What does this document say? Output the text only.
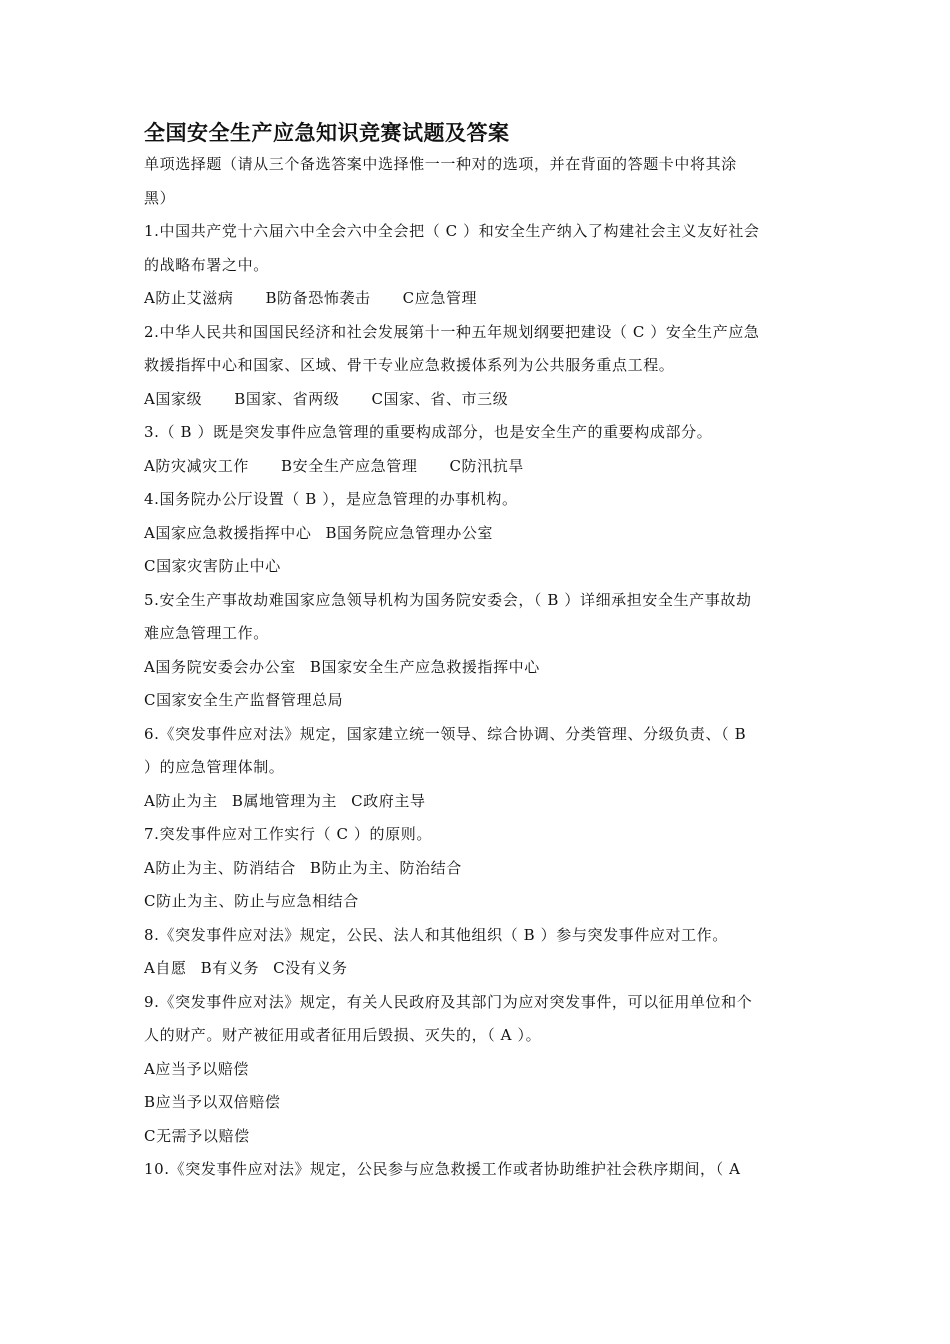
全国安全生产应急知识竞赛试题及答案
单项选择题（请从三个备选答案中选择惟一一种对的选项，并在背面的答题卡中将其涂
黑）
1.中国共产党十六届六中全会六中全会把（ C ）和安全生产纳入了构建社会主义友好社会
的战略布署之中。
A防止艾滋病 B防备恐怖袭击 C应急管理
2.中华人民共和国国民经济和社会发展第十一种五年规划纲要把建设（ C ）安全生产应急
救援指挥中心和国家、区域、骨干专业应急救援体系列为公共服务重点工程。
A国家级 B国家、省两级 C国家、省、市三级
3.（ B ）既是突发事件应急管理的重要构成部分，也是安全生产的重要构成部分。
A防灾减灾工作 B安全生产应急管理 C防汛抗旱
4.国务院办公厅设置（ B ），是应急管理的办事机构。
A国家应急救援指挥中心 B国务院应急管理办公室
C国家灾害防止中心
5.安全生产事故劫难国家应急领导机构为国务院安委会，（ B ）详细承担安全生产事故劫
难应急管理工作。
A国务院安委会办公室 B国家安全生产应急救援指挥中心
C国家安全生产监督管理总局
6.《突发事件应对法》规定，国家建立统一领导、综合协调、分类管理、分级负责、（ B
）的应急管理体制。
A防止为主 B属地管理为主 C政府主导
7.突发事件应对工作实行（ C ）的原则。
A防止为主、防消结合 B防止为主、防治结合
C防止为主、防止与应急相结合
8.《突发事件应对法》规定，公民、法人和其他组织（ B ）参与突发事件应对工作。
A自愿 B有义务 C没有义务
9.《突发事件应对法》规定，有关人民政府及其部门为应对突发事件，可以征用单位和个
人的财产。财产被征用或者征用后毁损、灭失的，（ A ）。
A应当予以赔偿
B应当予以双倍赔偿
C无需予以赔偿
10.《突发事件应对法》规定，公民参与应急救援工作或者协助维护社会秩序期间，（ A
